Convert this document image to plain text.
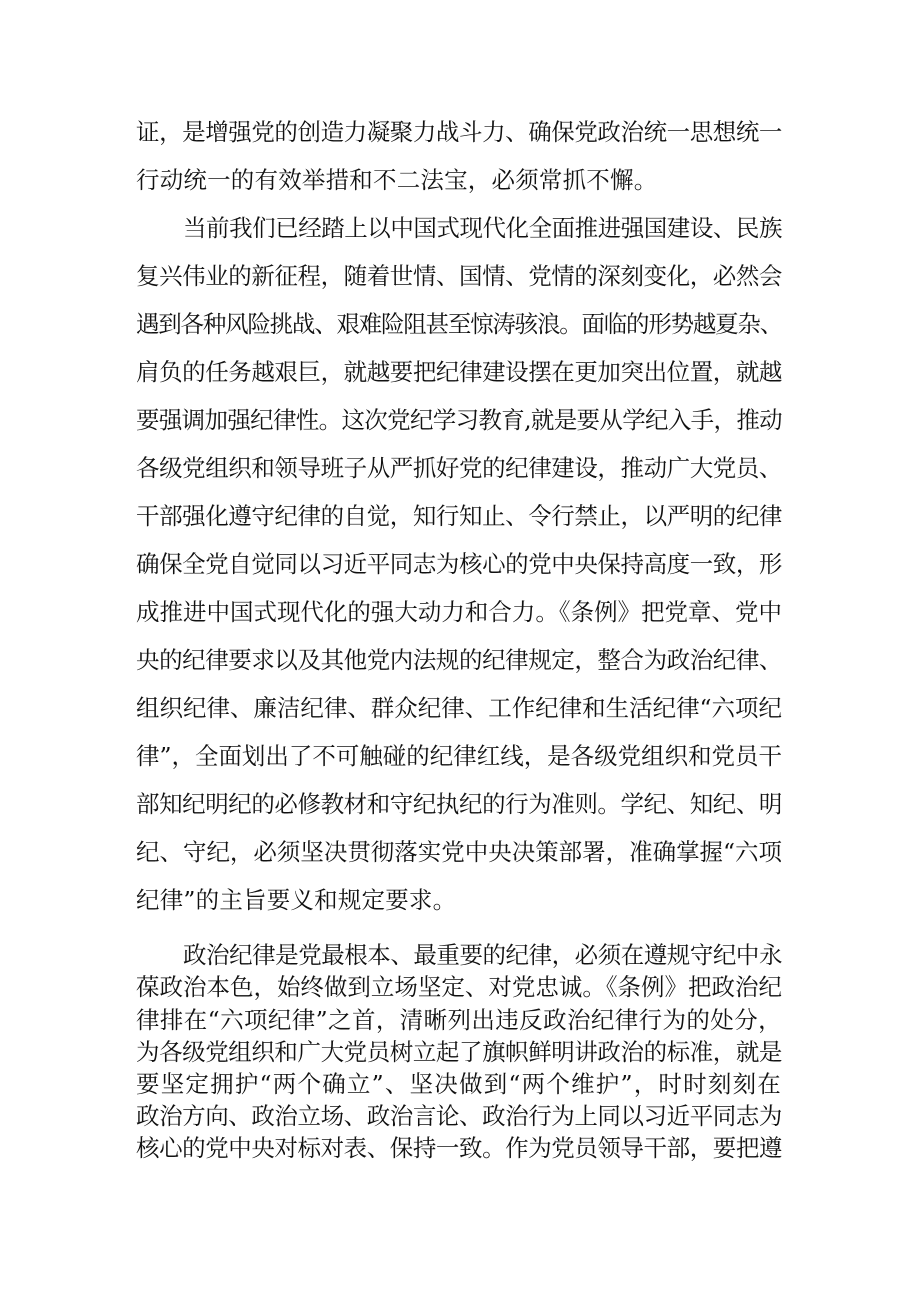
证，是增强党的创造力凝聚力战斗力、确保党政治统一思想统一
行动统一的有效举措和不二法宝，必须常抓不懈。
当前我们已经踏上以中国式现代化全面推进强国建设、民族
复兴伟业的新征程，随着世情、国情、党情的深刻变化，必然会
遇到各种风险挑战、艰难险阻甚至惊涛骇浪。面临的形势越夏杂、
肩负的任务越艰巨，就越要把纪律建设摆在更加突出位置，就越
要强调加强纪律性。这次党纪学习教育,就是要从学纪入手，推动
各级党组织和领导班子从严抓好党的纪律建设，推动广大党员、
干部强化遵守纪律的自觉，知行知止、令行禁止，以严明的纪律
确保全党自觉同以习近平同志为核心的党中央保持高度一致，形
成推进中国式现代化的强大动力和合力。《条例》把党章、党中
央的纪律要求以及其他党内法规的纪律规定，整合为政治纪律、
组织纪律、廉洁纪律、群众纪律、工作纪律和生活纪律“六项纪
律”，全面划出了不可触碰的纪律红线，是各级党组织和党员干
部知纪明纪的必修教材和守纪执纪的行为准则。学纪、知纪、明
纪、守纪，必须坚决贯彻落实党中央决策部署，准确掌握“六项
纪律”的主旨要义和规定要求。
政治纪律是党最根本、最重要的纪律，必须在遵规守纪中永
葆政治本色，始终做到立场坚定、对党忠诚。《条例》把政治纪
律排在“六项纪律”之首，清晰列出违反政治纪律行为的处分，
为各级党组织和广大党员树立起了旗帜鲜明讲政治的标准，就是
要坚定拥护“两个确立”、坚决做到“两个维护”，时时刻刻在
政治方向、政治立场、政治言论、政治行为上同以习近平同志为
核心的党中央对标对表、保持一致。作为党员领导干部，要把遵
